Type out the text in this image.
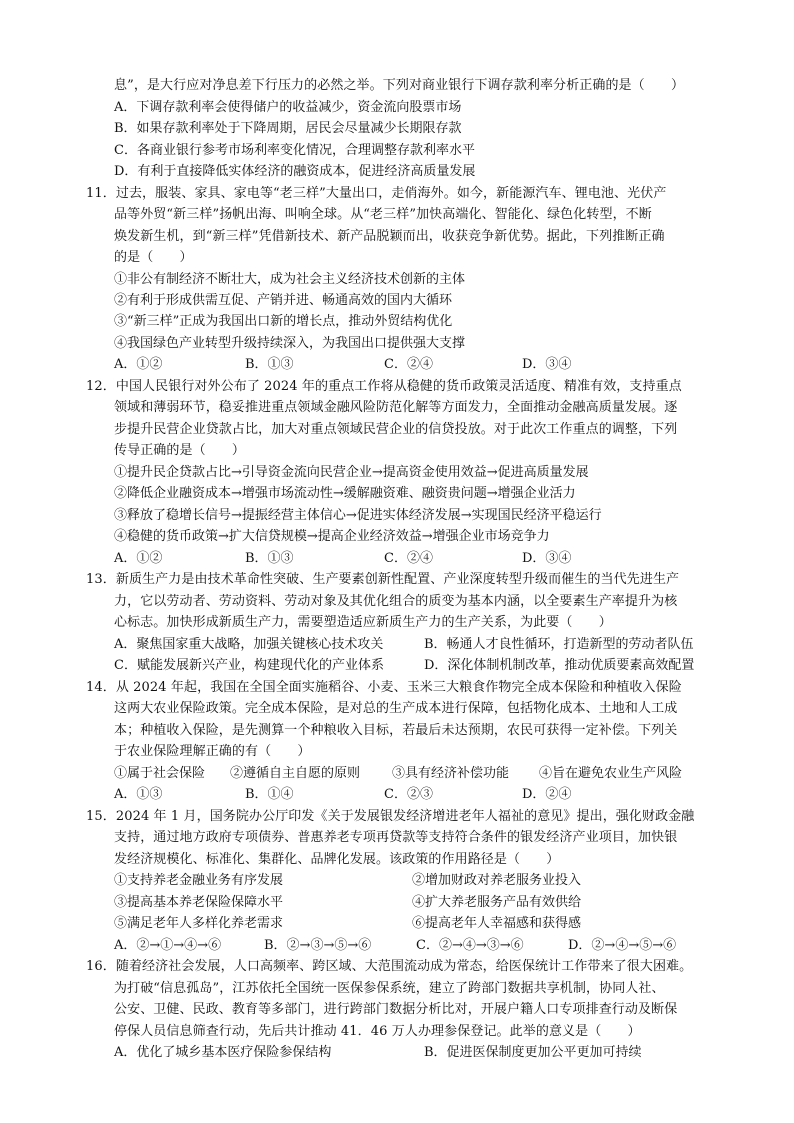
息”，是大行应对净息差下行压力的必然之举。下列对商业银行下调存款利率分析正确的是（　　）
A．下调存款利率会使得储户的收益减少，资金流向股票市场
B．如果存款利率处于下降周期，居民会尽量减少长期限存款
C．各商业银行参考市场利率变化情况，合理调整存款利率水平
D．有利于直接降低实体经济的融资成本，促进经济高质量发展
11．过去，服装、家具、家电等“老三样”大量出口，走俏海外。如今，新能源汽车、锂电池、光伏产
品等外贸“新三样”扬帆出海、叫响全球。从“老三样”加快高端化、智能化、绿色化转型，不断
焕发新生机，到“新三样”凭借新技术、新产品脱颖而出，收获竞争新优势。据此，下列推断正确
的是（　　）
①非公有制经济不断壮大，成为社会主义经济技术创新的主体
②有利于形成供需互促、产销并进、畅通高效的国内大循环
③“新三样”正成为我国出口新的增长点，推动外贸结构优化
④我国绿色产业转型升级持续深入，为我国出口提供强大支撑
A．①②	B．①③	C．②④	D．③④
12．中国人民银行对外公布了 2024 年的重点工作将从稳健的货币政策灵活适度、精准有效，支持重点
领域和薄弱环节，稳妥推进重点领域金融风险防范化解等方面发力，全面推动金融高质量发展。逐
步提升民营企业贷款占比，加大对重点领域民营企业的信贷投放。对于此次工作重点的调整，下列
传导正确的是（　　）
①提升民企贷款占比→引导资金流向民营企业→提高资金使用效益→促进高质量发展
②降低企业融资成本→增强市场流动性→缓解融资难、融资贵问题→增强企业活力
③释放了稳增长信号→提振经营主体信心→促进实体经济发展→实现国民经济平稳运行
④稳健的货币政策→扩大信贷规模→提高企业经济效益→增强企业市场竞争力
A．①②	B．①③	C．②④	D．③④
13．新质生产力是由技术革命性突破、生产要素创新性配置、产业深度转型升级而催生的当代先进生产
力，它以劳动者、劳动资料、劳动对象及其优化组合的质变为基本内涵，以全要素生产率提升为核
心标志。加快形成新质生产力，需要塑造适应新质生产力的生产关系，为此要（　　）
A．聚焦国家重大战略，加强关键核心技术攻关	B．畅通人才良性循环，打造新型的劳动者队伍
C．赋能发展新兴产业，构建现代化的产业体系	D．深化体制机制改革，推动优质要素高效配置
14．从 2024 年起，我国在全国全面实施稻谷、小麦、玉米三大粮食作物完全成本保险和种植收入保险
这两大农业保险政策。完全成本保险，是对总的生产成本进行保障，包括物化成本、土地和人工成
本；种植收入保险，是先测算一个种粮收入目标，若最后未达预期，农民可获得一定补偿。下列关
于农业保险理解正确的有（　　）
①属于社会保险 ②遵循自主自愿的原则 ③具有经济补偿功能 ④旨在避免农业生产风险
A．①③	B．①④	C．②③	D．②④
15．2024 年 1 月，国务院办公厅印发《关于发展银发经济增进老年人福祉的意见》提出，强化财政金融
支持，通过地方政府专项债券、普惠养老专项再贷款等支持符合条件的银发经济产业项目，加快银
发经济规模化、标准化、集群化、品牌化发展。该政策的作用路径是（　　）
①支持养老金融业务有序发展	②增加财政对养老服务业投入
③提高基本养老保险保障水平	④扩大养老服务产品有效供给
⑤满足老年人多样化养老需求	⑥提高老年人幸福感和获得感
A．②→①→④→⑥	B．②→③→⑤→⑥	C．②→④→③→⑥	D．②→④→⑤→⑥
16．随着经济社会发展，人口高频率、跨区域、大范围流动成为常态，给医保统计工作带来了很大困难。
为打破“信息孤岛”，江苏依托全国统一医保参保系统，建立了跨部门数据共享机制，协同人社、
公安、卫健、民政、教育等多部门，进行跨部门数据分析比对，开展户籍人口专项排查行动及断保
停保人员信息筛查行动，先后共计推动 41．46 万人办理参保登记。此举的意义是（　　）
A．优化了城乡基本医疗保险参保结构	B．促进医保制度更加公平更加可持续
